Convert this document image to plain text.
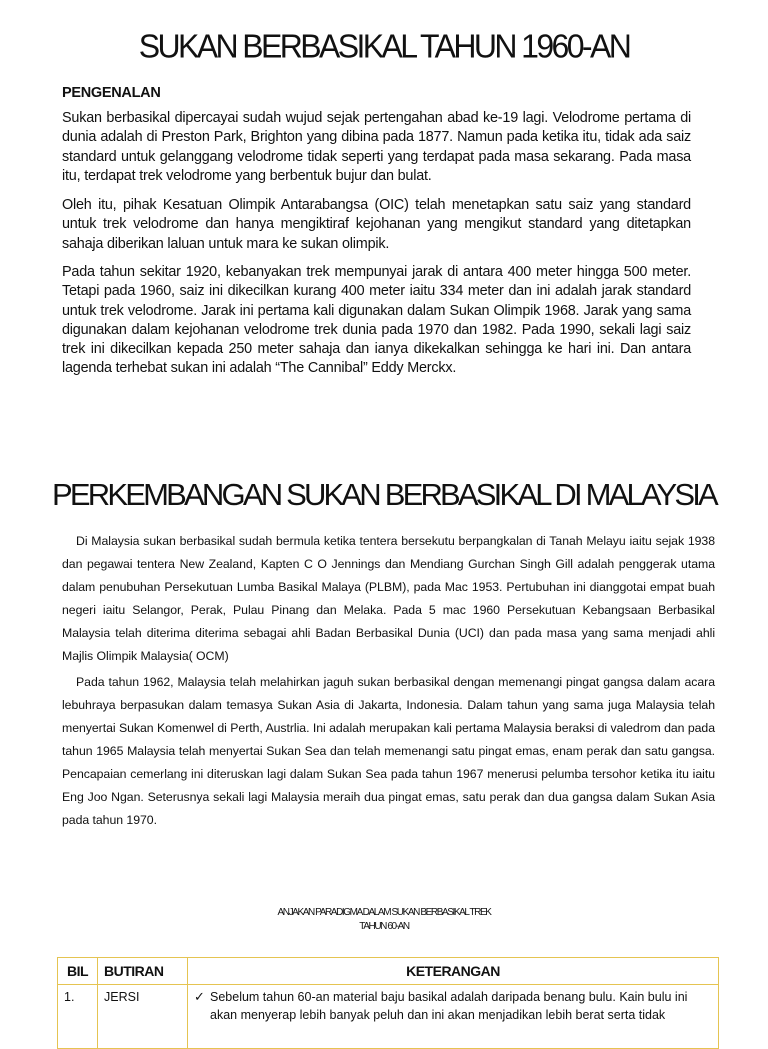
SUKAN BERBASIKAL TAHUN 1960-AN
PENGENALAN

Sukan berbasikal dipercayai sudah wujud sejak pertengahan abad ke-19 lagi. Velodrome pertama di dunia adalah di Preston Park, Brighton yang dibina pada 1877. Namun pada ketika itu, tidak ada saiz standard untuk gelanggang velodrome tidak seperti yang terdapat pada masa sekarang. Pada masa itu, terdapat trek velodrome yang berbentuk bujur dan bulat.

Oleh itu, pihak Kesatuan Olimpik Antarabangsa (OIC) telah menetapkan satu saiz yang standard untuk trek velodrome dan hanya mengiktiraf kejohanan yang mengikut standard yang ditetapkan sahaja diberikan laluan untuk mara ke sukan olimpik.

Pada tahun sekitar 1920, kebanyakan trek mempunyai jarak di antara 400 meter hingga 500 meter. Tetapi pada 1960, saiz ini dikecilkan kurang 400 meter iaitu 334 meter dan ini adalah jarak standard untuk trek velodrome. Jarak ini pertama kali digunakan dalam Sukan Olimpik 1968. Jarak yang sama digunakan dalam kejohanan velodrome trek dunia pada 1970 dan 1982. Pada 1990, sekali lagi saiz trek ini dikecilkan kepada 250 meter sahaja dan ianya dikekalkan sehingga ke hari ini. Dan antara lagenda terhebat sukan ini adalah “The Cannibal” Eddy Merckx.

PERKEMBANGAN SUKAN BERBASIKAL DI MALAYSIA

Di Malaysia sukan berbasikal sudah bermula ketika tentera bersekutu berpangkalan di Tanah Melayu iaitu sejak 1938 dan pegawai tentera New Zealand, Kapten C O Jennings dan Mendiang Gurchan Singh Gill adalah penggerak utama dalam penubuhan Persekutuan Lumba Basikal Malaya (PLBM), pada Mac 1953. Pertubuhan ini dianggotai empat buah negeri iaitu Selangor, Perak, Pulau Pinang dan Melaka. Pada 5 mac 1960 Persekutuan Kebangsaan Berbasikal Malaysia telah diterima diterima sebagai ahli Badan Berbasikal Dunia (UCI) dan pada masa yang sama menjadi ahli Majlis Olimpik Malaysia( OCM)

Pada tahun 1962, Malaysia telah melahirkan jaguh sukan berbasikal dengan memenangi pingat gangsa dalam acara lebuhraya berpasukan dalam temasya Sukan Asia di Jakarta, Indonesia. Dalam tahun yang sama juga Malaysia telah menyertai Sukan Komenwel di Perth, Austrlia. Ini adalah merupakan kali pertama Malaysia beraksi di valedrom dan pada tahun 1965 Malaysia telah menyertai Sukan Sea dan telah memenangi satu pingat emas, enam perak dan satu gangsa. Pencapaian cemerlang ini diteruskan lagi dalam Sukan Sea pada tahun 1967 menerusi pelumba tersohor ketika itu iaitu Eng Joo Ngan. Seterusnya sekali lagi Malaysia meraih dua pingat emas, satu perak dan dua gangsa dalam Sukan Asia pada tahun 1970.

ANJAKAN PARADIGMA DALAM SUKAN BERBASIKAL TREK
TAHUN 60-AN
BIL	BUTIRAN	KETERANGAN
1.	JERSI	✓ Sebelum tahun 60-an material baju basikal adalah daripada benang bulu. Kain bulu ini akan menyerap lebih banyak peluh dan ini akan menjadikan lebih berat serta tidak
